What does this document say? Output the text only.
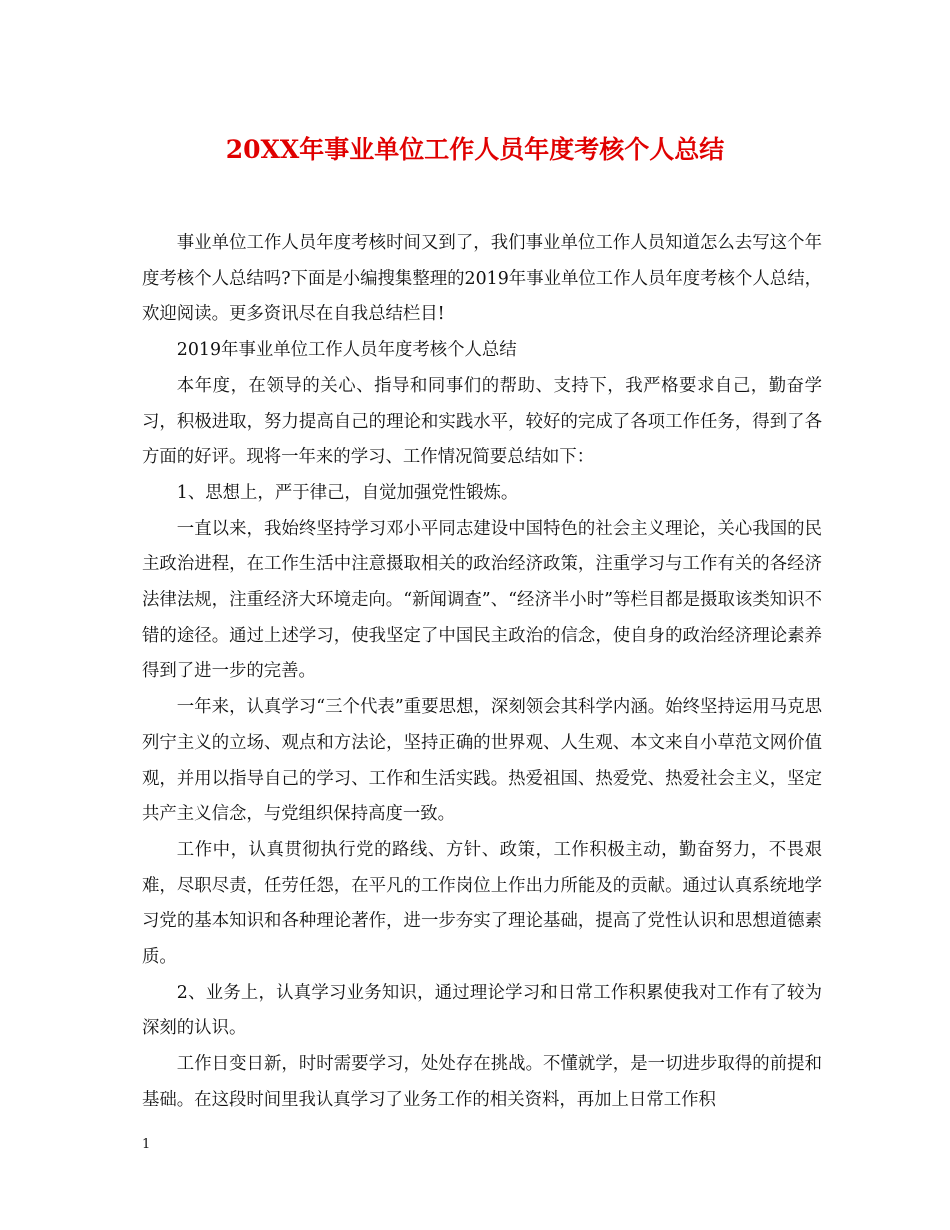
20XX年事业单位工作人员年度考核个人总结

事业单位工作人员年度考核时间又到了，我们事业单位工作人员知道怎么去写这个年度考核个人总结吗?下面是小编搜集整理的2019年事业单位工作人员年度考核个人总结，欢迎阅读。更多资讯尽在自我总结栏目!

2019年事业单位工作人员年度考核个人总结

本年度，在领导的关心、指导和同事们的帮助、支持下，我严格要求自己，勤奋学习，积极进取，努力提高自己的理论和实践水平，较好的完成了各项工作任务，得到了各方面的好评。现将一年来的学习、工作情况简要总结如下：

1、思想上，严于律己，自觉加强党性锻炼。

一直以来，我始终坚持学习邓小平同志建设中国特色的社会主义理论，关心我国的民主政治进程，在工作生活中注意摄取相关的政治经济政策，注重学习与工作有关的各经济法律法规，注重经济大环境走向。“新闻调查”、“经济半小时”等栏目都是摄取该类知识不错的途径。通过上述学习，使我坚定了中国民主政治的信念，使自身的政治经济理论素养得到了进一步的完善。

一年来，认真学习“三个代表”重要思想，深刻领会其科学内涵。始终坚持运用马克思列宁主义的立场、观点和方法论，坚持正确的世界观、人生观、本文来自小草范文网价值观，并用以指导自己的学习、工作和生活实践。热爱祖国、热爱党、热爱社会主义，坚定共产主义信念，与党组织保持高度一致。

工作中，认真贯彻执行党的路线、方针、政策，工作积极主动，勤奋努力，不畏艰难，尽职尽责，任劳任怨，在平凡的工作岗位上作出力所能及的贡献。通过认真系统地学习党的基本知识和各种理论著作，进一步夯实了理论基础，提高了党性认识和思想道德素质。

2、业务上，认真学习业务知识，通过理论学习和日常工作积累使我对工作有了较为深刻的认识。

工作日变日新，时时需要学习，处处存在挑战。不懂就学，是一切进步取得的前提和基础。在这段时间里我认真学习了业务工作的相关资料，再加上日常工作积

1
